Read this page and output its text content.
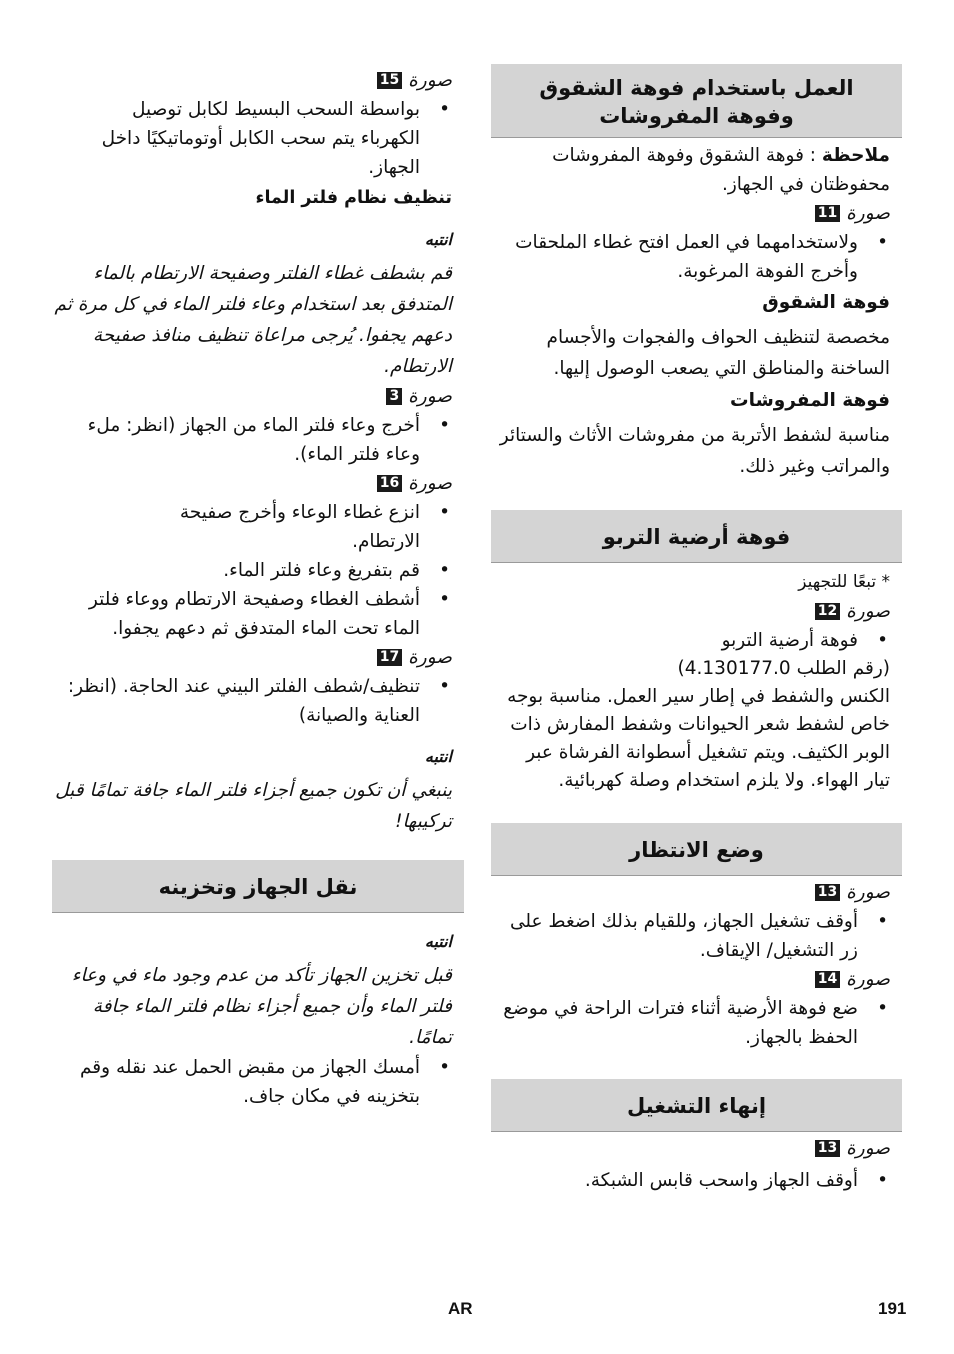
العمل باستخدام فوهة الشقوق وفوهة المفروشات

ملاحظة : فوهة الشقوق وفوهة المفروشات محفوظتان في الجهاز.

صورة 11
• ولاستخدامهما في العمل افتح غطاء الملحقات وأخرج الفوهة المرغوبة.

فوهة الشقوق

مخصصة لتنظيف الحواف والفجوات والأجسام الساخنة والمناطق التي يصعب الوصول إليها.

فوهة المفروشات

مناسبة لشفط الأتربة من مفروشات الأثاث والستائر والمراتب وغير ذلك.

فوهة أرضية التربو

* تبعًا للتجهيز

صورة 12
• فوهة أرضية التربو

(رقم الطلب 4.130177.0)

الكنس والشفط في إطار سير العمل. مناسبة بوجه خاص لشفط شعر الحيوانات وشفط المفارش ذات الوبر الكثيف. ويتم تشغيل أسطوانة الفرشاة عبر تيار الهواء. ولا يلزم استخدام وصلة كهربائية.

وضع الانتظار
صورة 13
• أوقف تشغيل الجهاز، وللقيام بذلك اضغط على زر التشغيل/ الإيقاف.
صورة 14
• ضع فوهة الأرضية أثناء فترات الراحة في موضع الحفظ بالجهاز.
إنهاء التشغيل
صورة 13
• أوقف الجهاز واسحب قابس الشبكة.
صورة 15
• بواسطة السحب البسيط لكابل توصيل الكهرباء يتم سحب الكابل أوتوماتيكيًا داخل الجهاز.

تنظيف نظام فلتر الماء

انتبه

قم بشطف غطاء الفلتر وصفيحة الارتطام بالماء المتدفق بعد استخدام وعاء فلتر الماء في كل مرة ثم دعهم يجفوا. يُرجى مراعاة تنظيف منافذ صفيحة الارتطام.

صورة 3
• أخرج وعاء فلتر الماء من الجهاز (انظر: ملء وعاء فلتر الماء).
صورة 16
• انزع غطاء الوعاء وأخرج صفيحة الارتطام.
• قم بتفريغ وعاء فلتر الماء.
• أشطف الغطاء وصفيحة الارتطام ووعاء فلتر الماء تحت الماء المتدفق ثم دعهم يجفوا.
صورة 17
• تنظيف/شطف الفلتر البيني عند الحاجة. (انظر: العناية والصيانة)

انتبه

ينبغي أن تكون جميع أجزاء فلتر الماء جافة تمامًا قبل تركيبها!

نقل الجهاز وتخزينه

انتبه

قبل تخزين الجهاز تأكد من عدم وجود ماء في وعاء فلتر الماء وأن جميع أجزاء نظام فلتر الماء جافة تمامًا.

• أمسك الجهاز من مقبض الحمل عند نقله وقم بتخزينه في مكان جاف.
AR	191
